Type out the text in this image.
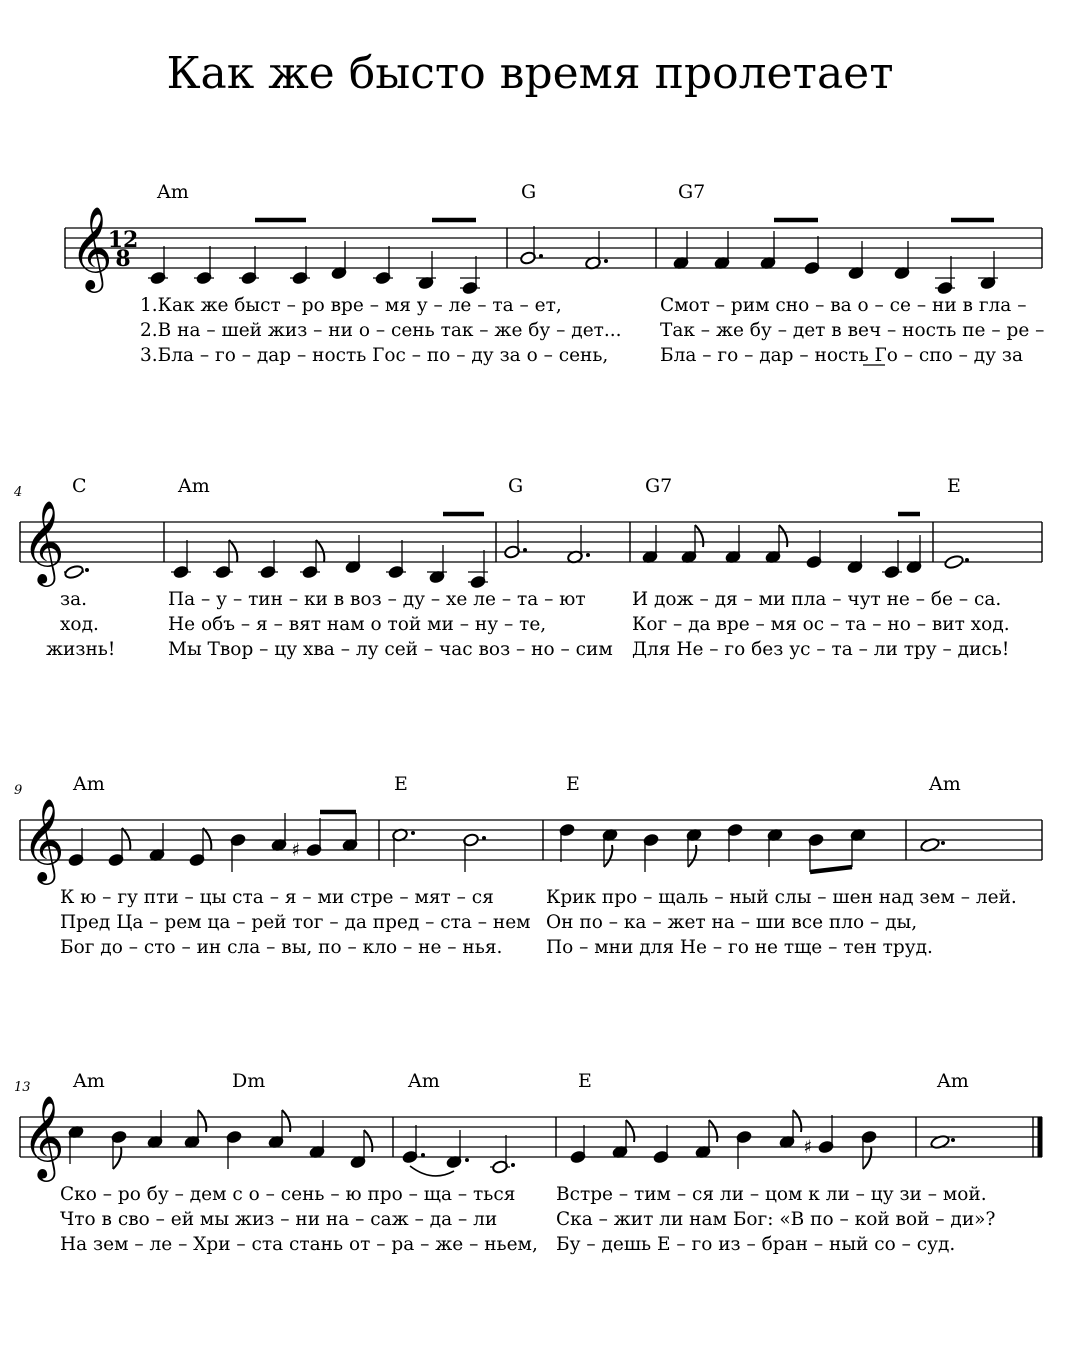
Как же бысто время пролетает
𝄞
12
8
Am	G	G7
1.Как же быст – ро вре – мя у – ле – та – ет,	Смот – рим сно – ва о – се – ни в гла –
2.В на – шей жиз – ни о – сень так – же бу – дет... Так – же бу – дет в веч – ность пе – ре –
3.Бла – го – дар – ность Гос – по – ду за о – сень,	Бла – го – дар – ность Го – спо – ду за
𝄞
4	C	Am	G	G7	E
за.	Па – у – тин – ки в воз – ду – хе ле – та – ют	И дож – дя – ми пла – чут не – бе – са.
ход.	Не объ – я – вят нам о той ми – ну – те,	Ког – да вре – мя ос – та – но – вит ход.
жизнь!	Мы Твор – цу хва – лу сей – час воз – но – сим Для Не – го без ус – та – ли тру – дись!
𝄞
9	Am	E	E	Am
♯
К ю – гу пти – цы ста – я – ми стре – мят – ся	Крик про – щаль – ный слы – шен над зем – лей.
Пред Ца – рем ца – рей тог – да пред – ста – нем Он по – ка – жет на – ши все пло – ды,
Бог до – сто – ин сла – вы, по – кло – не – нья. По – мни для Не – го не тще – тен труд.
𝄞
13 Am	Dm	Am	E	Am
♯
Ско – ро бу – дем с о – сень – ю про – ща – ться Встре – тим – ся ли – цом к ли – цу зи – мой.
Что в сво – ей мы жиз – ни на – саж – да – ли	Ска – жит ли нам Бог: «В по – кой вой – ди»?
На зем – ле – Хри – ста стань от – ра – же – ньем, Бу – дешь Е – го из – бран – ный со – суд.
